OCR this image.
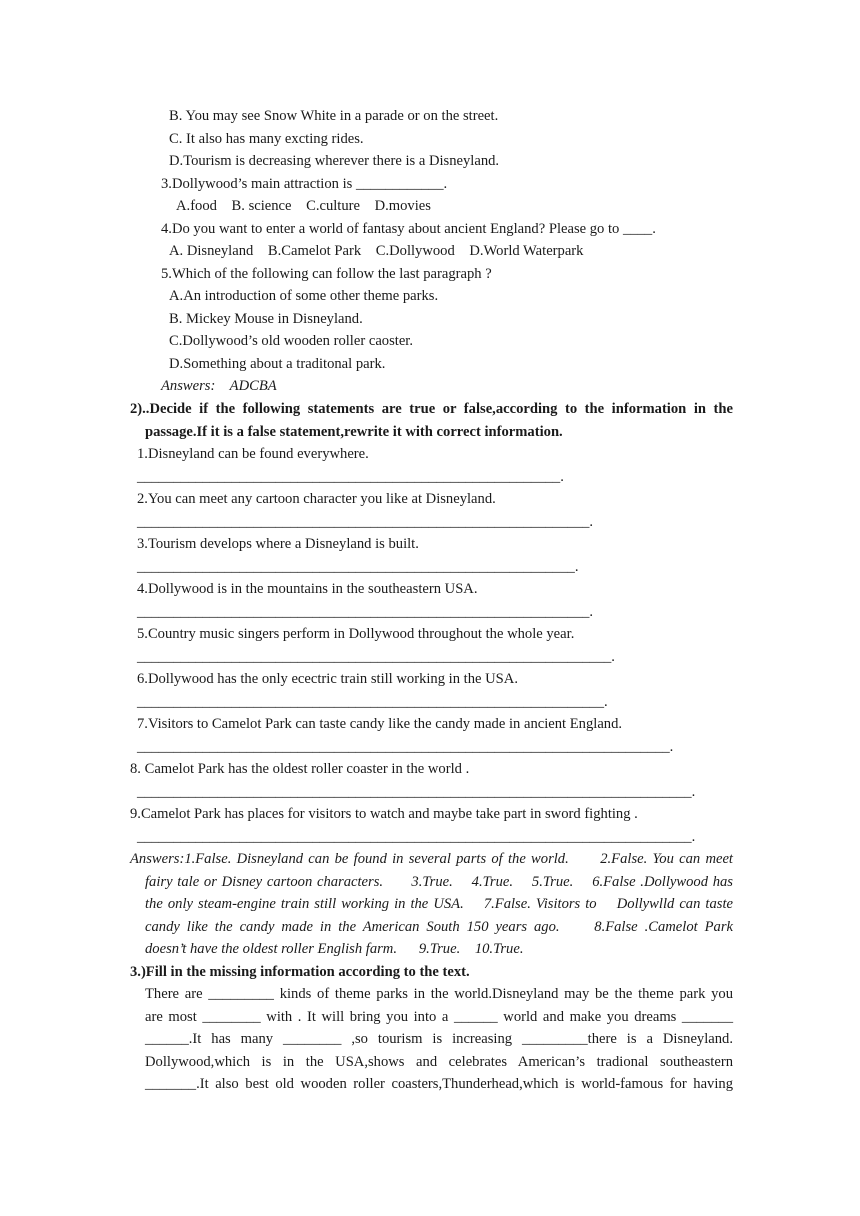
B. You may see Snow White in a parade or on the street.
C. It also has many excting rides.
D.Tourism is decreasing wherever there is a Disneyland.
3.Dollywood’s main attraction is ____________.
A.food    B. science    C.culture    D.movies
4.Do you want to enter a world of fantasy about ancient England? Please go to ____.
A. Disneyland    B.Camelot Park    C.Dollywood    D.World Waterpark
5.Which of the following can follow the last paragraph ?
A.An introduction of some other theme parks.
B. Mickey Mouse in Disneyland.
C.Dollywood’s old wooden roller caoster.
D.Something about a traditonal park.
Answers:    ADCBA
2)..Decide if the following statements are true or false,according to the information in the
passage.If it is a false statement,rewrite it with correct information.
1.Disneyland can be found everywhere.
__________________________________________________________.
2.You can meet any cartoon character you like at Disneyland.
______________________________________________________________.
3.Tourism develops where a Disneyland is built.
____________________________________________________________.
4.Dollywood is in the mountains in the southeastern USA.
______________________________________________________________.
5.Country music singers perform in Dollywood throughout the whole year.
_________________________________________________________________.
6.Dollywood has the only ecectric train still working in the USA.
________________________________________________________________.
7.Visitors to Camelot Park can taste candy like the candy made in ancient England.
_________________________________________________________________________.
8. Camelot Park has the oldest roller coaster in the world .
____________________________________________________________________________.
9.Camelot Park has places for visitors to watch and maybe take part in sword fighting .
____________________________________________________________________________.
Answers:1.False. Disneyland can be found in several parts of the world.      2.False. You can meet
fairy tale or Disney cartoon characters.      3.True.    4.True.    5.True.    6.False .Dollywood has
the only steam-engine train still working in the USA.    7.False. Visitors to    Dollywlld can taste
candy like the candy made in the American South 150 years ago.     8.False .Camelot Park
doesn’t have the oldest roller English farm.      9.True.    10.True.
3.)Fill in the missing information according to the text.
There are _________ kinds of theme parks in the world.Disneyland may be the theme park you
are most ________ with . It will bring you into a ______ world and make you dreams _______
______.It has many ________ ,so tourism is increasing _________there is a Disneyland.
Dollywood,which is in the USA,shows and celebrates American’s tradional southeastern
_______.It also best old wooden roller coasters,Thunderhead,which is world-famous for having
